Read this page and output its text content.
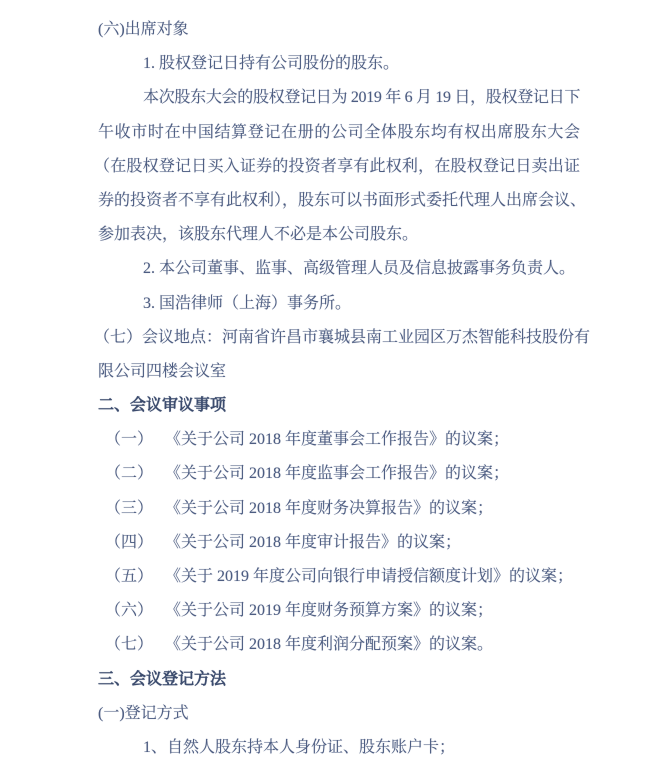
(六)出席对象
1. 股权登记日持有公司股份的股东。
本次股东大会的股权登记日为 2019 年 6 月 19 日，股权登记日下
午收市时在中国结算登记在册的公司全体股东均有权出席股东大会
（在股权登记日买入证券的投资者享有此权利，在股权登记日卖出证
券的投资者不享有此权利），股东可以书面形式委托代理人出席会议、
参加表决，该股东代理人不必是本公司股东。
2. 本公司董事、监事、高级管理人员及信息披露事务负责人。
3. 国浩律师（上海）事务所。
（七）会议地点：河南省许昌市襄城县南工业园区万杰智能科技股份有
限公司四楼会议室
二、会议审议事项
（一） 《关于公司 2018 年度董事会工作报告》的议案；
（二） 《关于公司 2018 年度监事会工作报告》的议案；
（三） 《关于公司 2018 年度财务决算报告》的议案；
（四） 《关于公司 2018 年度审计报告》的议案；
（五） 《关于 2019 年度公司向银行申请授信额度计划》的议案；
（六） 《关于公司 2019 年度财务预算方案》的议案；
（七） 《关于公司 2018 年度利润分配预案》的议案。
三、会议登记方法
(一)登记方式
1、自然人股东持本人身份证、股东账户卡；
